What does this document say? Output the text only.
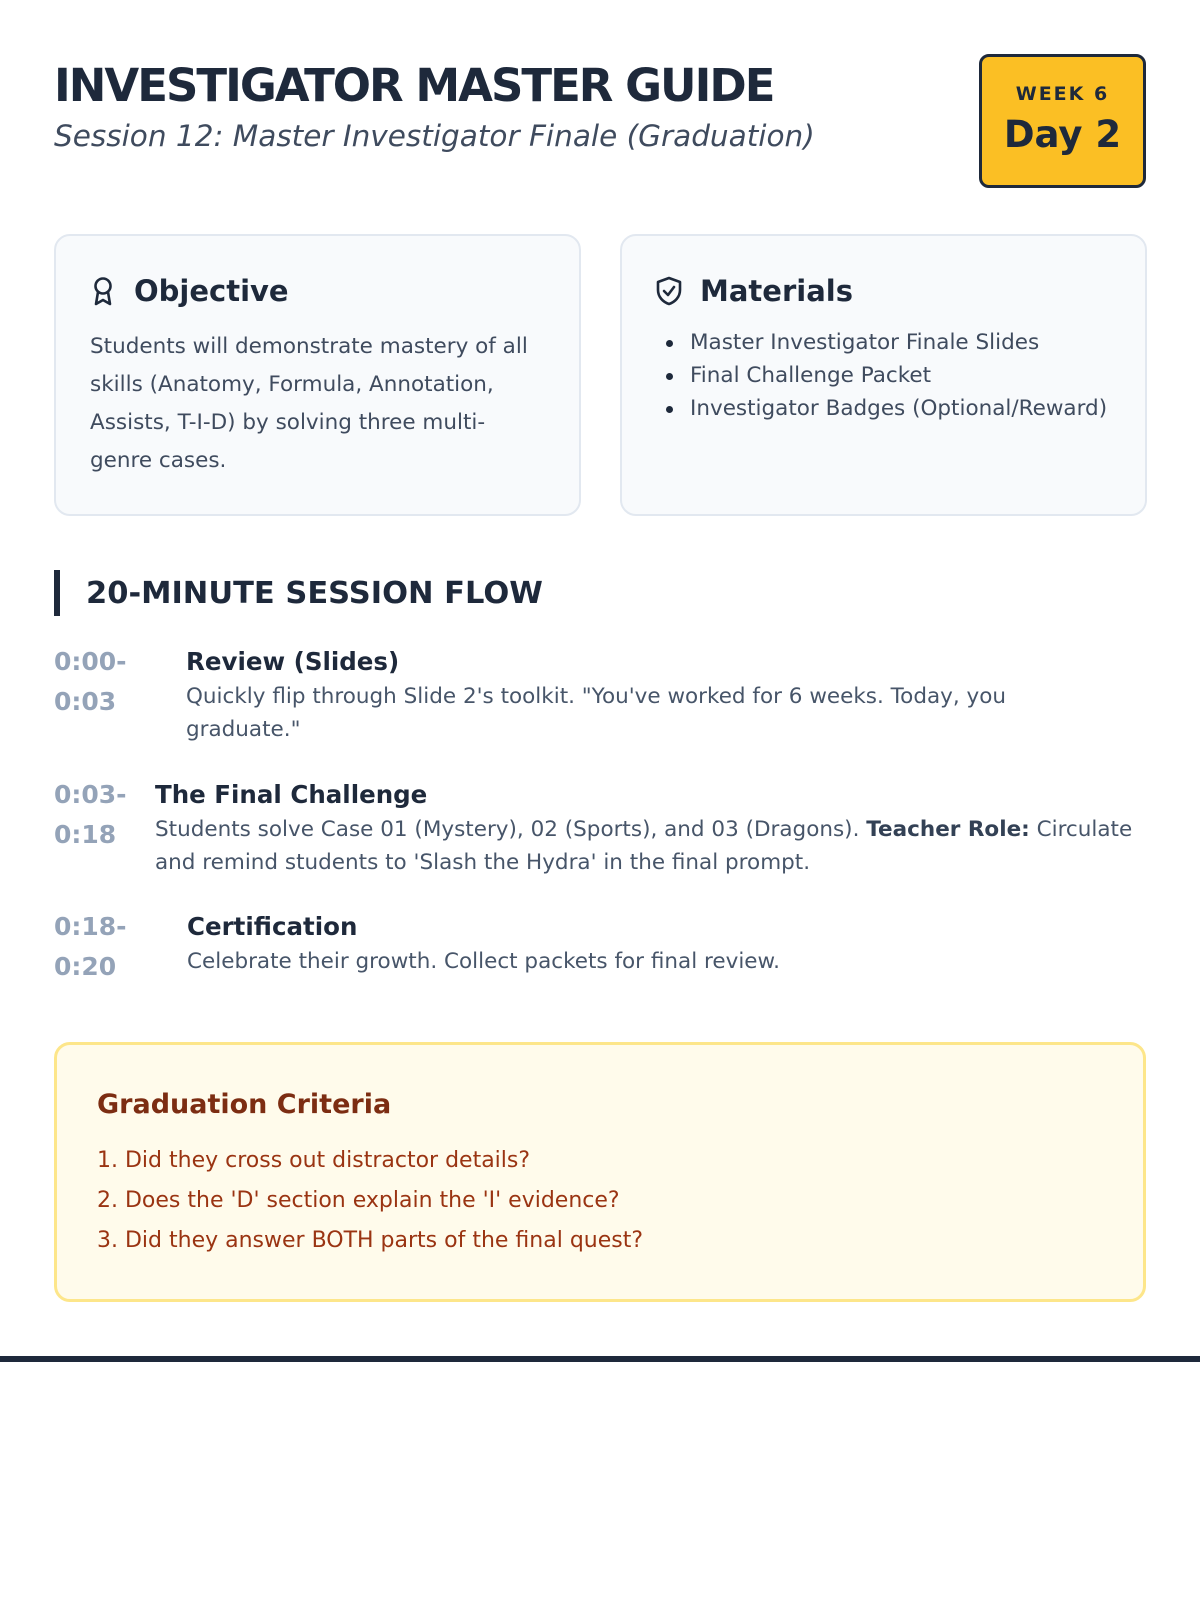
INVESTIGATOR MASTER GUIDE

Session 12: Master Investigator Finale (Graduation)

WEEK 6
Day 2
Objective

Students will demonstrate mastery of all skills (Anatomy, Formula, Annotation, Assists, T-I-D) by solving three multi-genre cases.

Materials
Master Investigator Finale Slides
Final Challenge Packet
Investigator Badges (Optional/Reward)
20-MINUTE SESSION FLOW
0:00-
0:03

Review (Slides)

Quickly flip through Slide 2's toolkit. "You've worked for 6 weeks. Today, you graduate."

0:03-
0:18

The Final Challenge

Students solve Case 01 (Mystery), 02 (Sports), and 03 (Dragons). Teacher Role: Circulate and remind students to 'Slash the Hydra' in the final prompt.

0:18-
0:20

Certification

Celebrate their growth. Collect packets for final review.

Graduation Criteria
1. Did they cross out distractor details?
2. Does the 'D' section explain the 'I' evidence?
3. Did they answer BOTH parts of the final quest?
